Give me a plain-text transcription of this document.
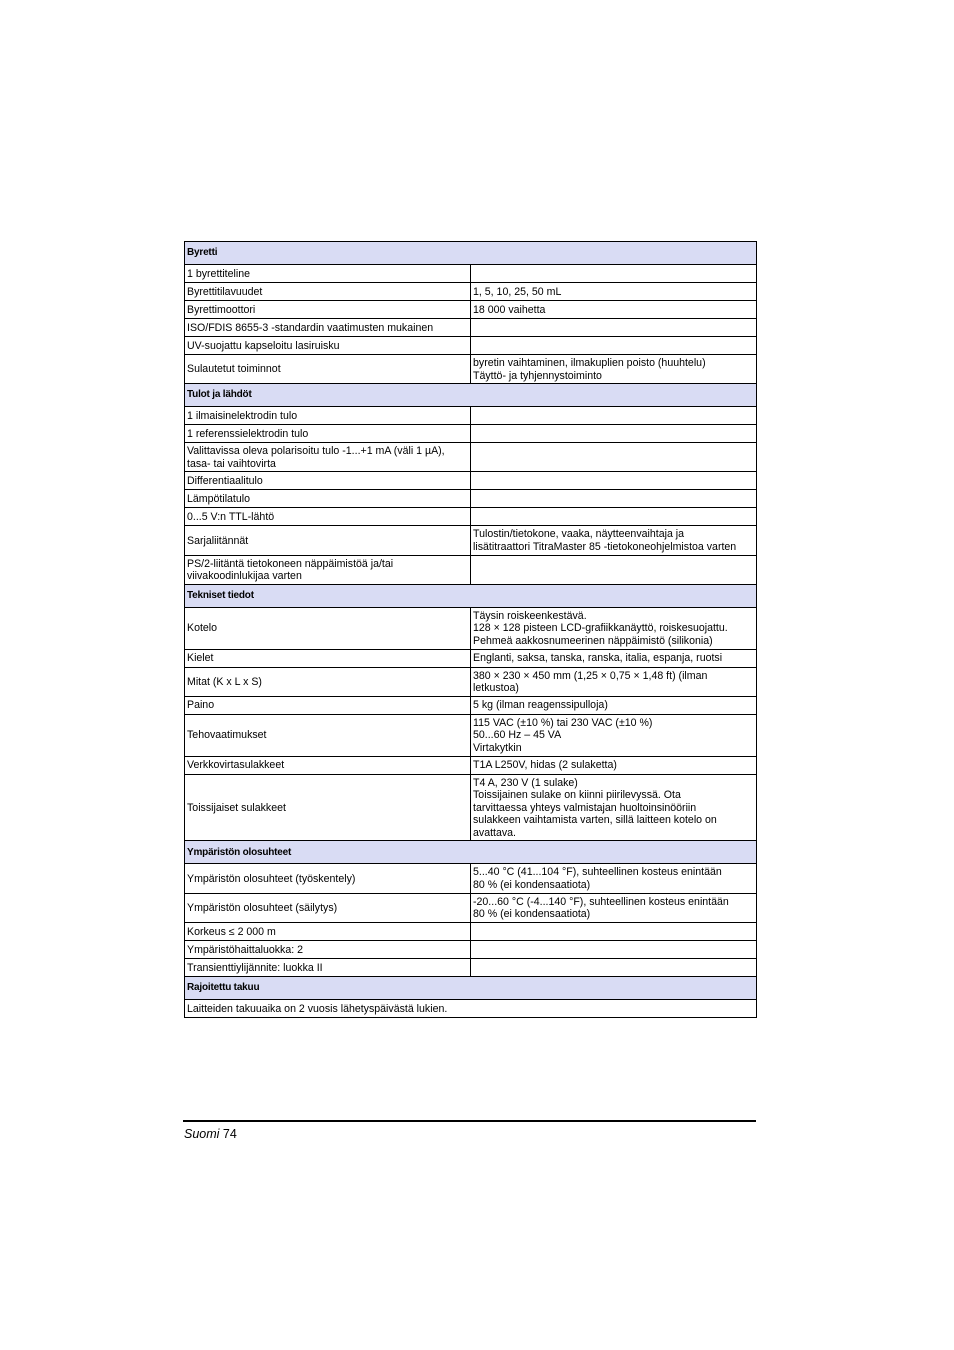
Byretti	
1 byrettiteline	
Byrettitilavuudet	1, 5, 10, 25, 50 mL
Byrettimoottori	18 000 vaihetta
ISO/FDIS 8655-3 -standardin vaatimusten mukainen	
UV-suojattu kapseloitu lasiruisku	
Sulautetut toiminnot	byretin vaihtaminen, ilmakuplien poisto (huuhtelu)
Täyttö- ja tyhjennystoiminto
Tulot ja lähdöt	
1 ilmaisinelektrodin tulo	
1 referenssielektrodin tulo	
Valittavissa oleva polarisoitu tulo -1...+1 mA (väli 1 µA),
tasa- tai vaihtovirta	
Differentiaalitulo	
Lämpötilatulo	
0...5 V:n TTL-lähtö	
Sarjaliitännät	Tulostin/tietokone, vaaka, näytteenvaihtaja ja
lisätitraattori TitraMaster 85 -tietokoneohjelmistoa varten
PS/2-liitäntä tietokoneen näppäimistöä ja/tai
viivakoodinlukijaa varten	
Tekniset tiedot	
Kotelo	Täysin roiskeenkestävä.
128 × 128 pisteen LCD-grafiikkanäyttö, roiskesuojattu.
Pehmeä aakkosnumeerinen näppäimistö (silikonia)
Kielet	Englanti, saksa, tanska, ranska, italia, espanja, ruotsi
Mitat (K x L x S)	380 × 230 × 450 mm (1,25 × 0,75 × 1,48 ft) (ilman
letkustoa)
Paino	5 kg (ilman reagenssipulloja)
Tehovaatimukset	115 VAC (±10 %) tai 230 VAC (±10 %)
50...60 Hz – 45 VA
Virtakytkin
Verkkovirtasulakkeet	T1A L250V, hidas (2 sulaketta)
Toissijaiset sulakkeet	T4 A, 230 V (1 sulake)
Toissijainen sulake on kiinni piirilevyssä. Ota
tarvittaessa yhteys valmistajan huoltoinsinööriin
sulakkeen vaihtamista varten, sillä laitteen kotelo on
avattava.
Ympäristön olosuhteet	
Ympäristön olosuhteet (työskentely)	5...40 °C (41...104 °F), suhteellinen kosteus enintään
80 % (ei kondensaatiota)
Ympäristön olosuhteet (säilytys)	-20...60 °C (-4...140 °F), suhteellinen kosteus enintään
80 % (ei kondensaatiota)
Korkeus ≤ 2 000 m	
Ympäristöhaittaluokka: 2	
Transienttiylijännite: luokka II	
Rajoitettu takuu	
Laitteiden takuuaika on 2 vuosis lähetyspäivästä lukien.	
Suomi 74
